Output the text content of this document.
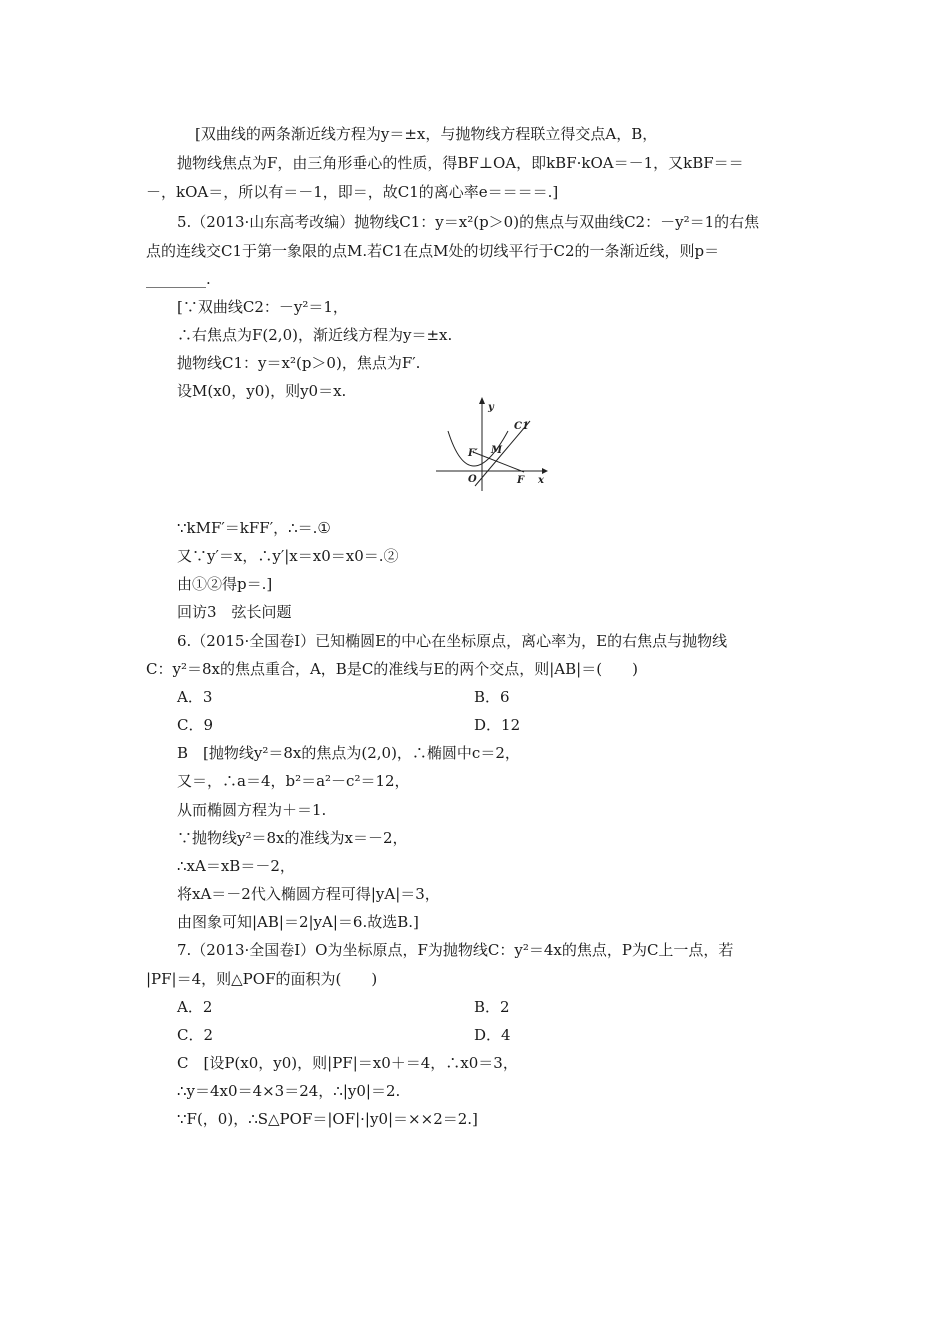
[双曲线的两条渐近线方程为y＝±x，与抛物线方程联立得交点A，B，
抛物线焦点为F，由三角形垂心的性质，得BF⊥OA，即kBF·kOA＝－1，又kBF＝＝
－，kOA＝，所以有＝－1，即＝，故C1的离心率e＝＝＝＝.]
5.（2013·山东高考改编）抛物线C1：y＝x²(p＞0)的焦点与双曲线C2：－y²＝1的右焦
点的连线交C1于第一象限的点M.若C1在点M处的切线平行于C2的一条渐近线，则p＝
________.
[∵双曲线C2：－y²＝1，
∴右焦点为F(2,0)，渐近线方程为y＝±x.
抛物线C1：y＝x²(p＞0)，焦点为F′.
设M(x0，y0)，则y0＝x.
y
x
C1
F′ M
O	F
∵kMF′＝kFF′，∴＝.①
又∵y′＝x，∴y′|x＝x0＝x0＝.②
由①②得p＝.]
回访3　弦长问题
6.（2015·全国卷Ⅰ）已知椭圆E的中心在坐标原点，离心率为，E的右焦点与抛物线
C：y²＝8x的焦点重合，A，B是C的准线与E的两个交点，则|AB|＝(　　)
A．3	B．6
C．9	D．12
B　[抛物线y²＝8x的焦点为(2,0)，∴椭圆中c＝2，
又＝，∴a＝4，b²＝a²－c²＝12，
从而椭圆方程为＋＝1.
∵抛物线y²＝8x的准线为x＝－2，
∴xA＝xB＝－2，
将xA＝－2代入椭圆方程可得|yA|＝3，
由图象可知|AB|＝2|yA|＝6.故选B.]
7.（2013·全国卷Ⅰ）O为坐标原点，F为抛物线C：y²＝4x的焦点，P为C上一点，若
|PF|＝4，则△POF的面积为(　　)
A．2	B．2
C．2	D．4
C　[设P(x0，y0)，则|PF|＝x0＋＝4，∴x0＝3，
∴y＝4x0＝4×3＝24，∴|y0|＝2.
∵F(，0)，∴S△POF＝|OF|·|y0|＝××2＝2.]
